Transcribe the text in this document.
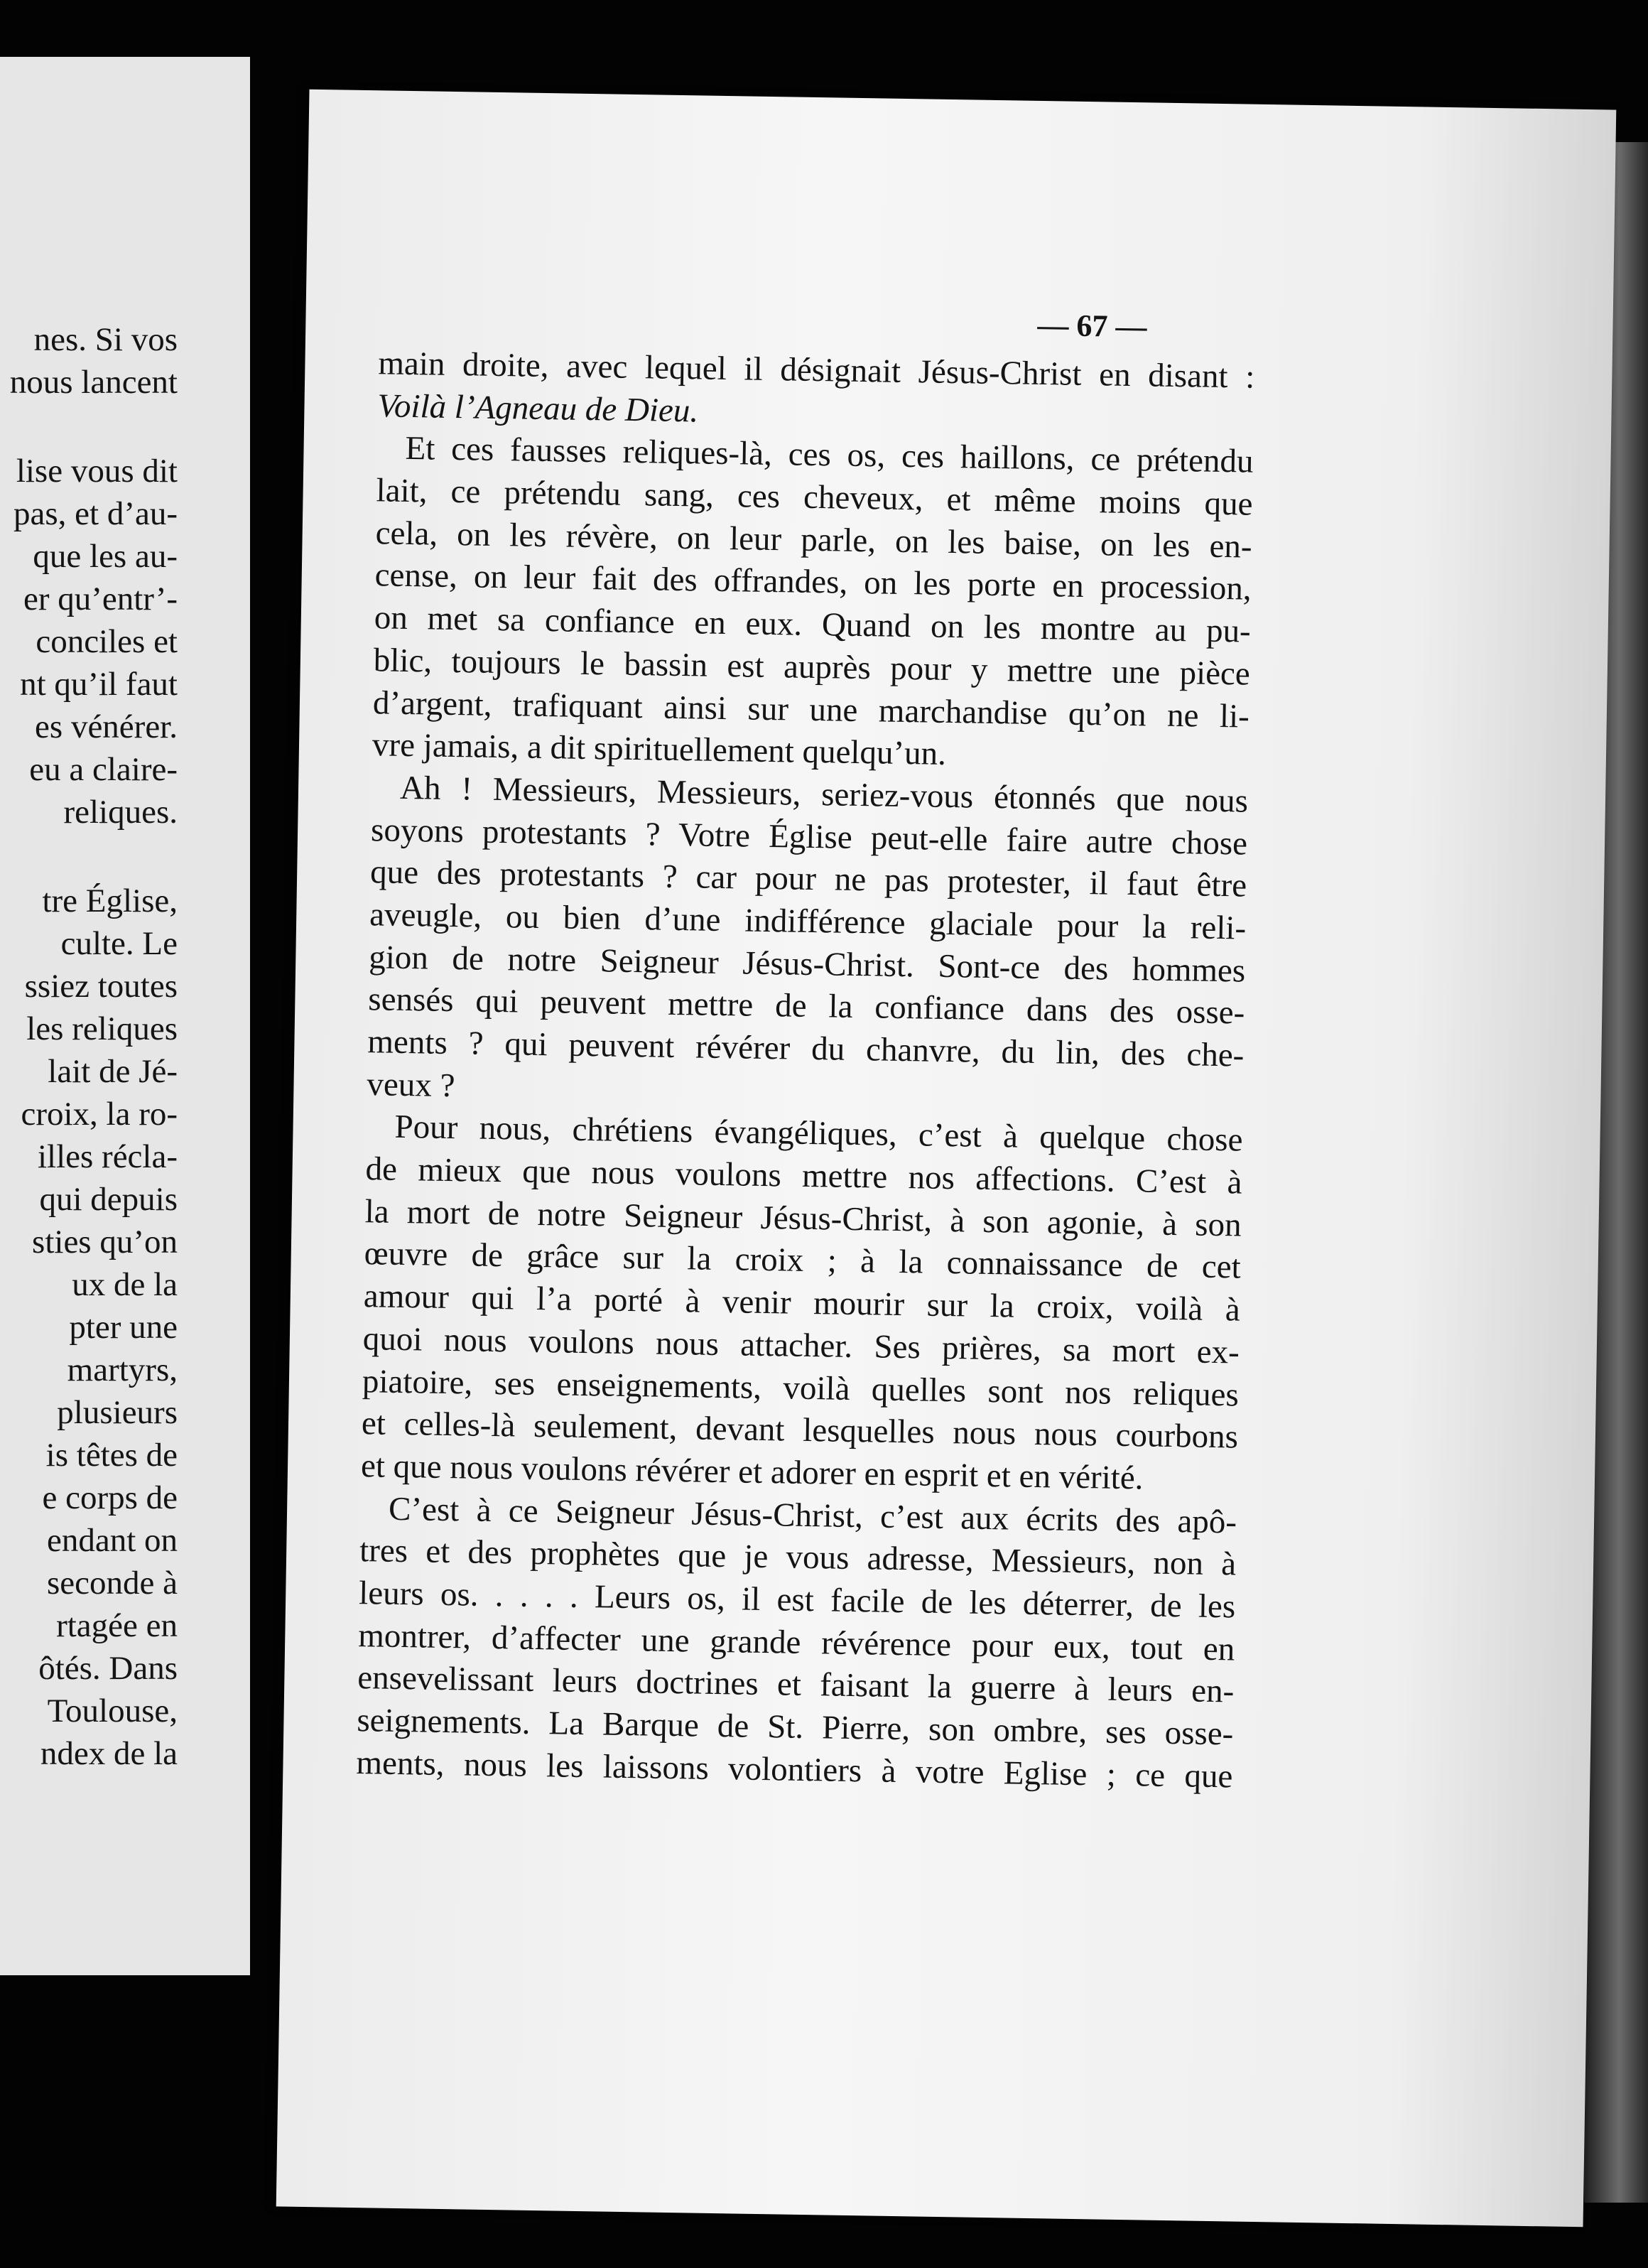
nes. Si vos
nous lancent
lise vous dit
pas, et d’au-
que les au-
er qu’entr’-
conciles et
nt qu’il faut
es vénérer.
eu a claire-
reliques.
tre Église,
culte. Le
ssiez toutes
les reliques
lait de Jé-
croix, la ro-
illes récla-
qui depuis
sties qu’on
ux de la
pter une
martyrs,
plusieurs
is têtes de
e corps de
endant on
seconde à
rtagée en
ôtés. Dans
Toulouse,
ndex de la
— 67 —
main droite, avec lequel il désignait Jésus-Christ en disant :
Voilà l’Agneau de Dieu.
Et ces fausses reliques-là, ces os, ces haillons, ce prétendu
lait, ce prétendu sang, ces cheveux, et même moins que
cela, on les révère, on leur parle, on les baise, on les en-
cense, on leur fait des offrandes, on les porte en procession,
on met sa confiance en eux. Quand on les montre au pu-
blic, toujours le bassin est auprès pour y mettre une pièce
d’argent, trafiquant ainsi sur une marchandise qu’on ne li-
vre jamais, a dit spirituellement quelqu’un.
Ah ! Messieurs, Messieurs, seriez-vous étonnés que nous
soyons protestants ? Votre Église peut-elle faire autre chose
que des protestants ? car pour ne pas protester, il faut être
aveugle, ou bien d’une indifférence glaciale pour la reli-
gion de notre Seigneur Jésus-Christ. Sont-ce des hommes
sensés qui peuvent mettre de la confiance dans des osse-
ments ? qui peuvent révérer du chanvre, du lin, des che-
veux ?
Pour nous, chrétiens évangéliques, c’est à quelque chose
de mieux que nous voulons mettre nos affections. C’est à
la mort de notre Seigneur Jésus-Christ, à son agonie, à son
œuvre de grâce sur la croix ; à la connaissance de cet
amour qui l’a porté à venir mourir sur la croix, voilà à
quoi nous voulons nous attacher. Ses prières, sa mort ex-
piatoire, ses enseignements, voilà quelles sont nos reliques
et celles-là seulement, devant lesquelles nous nous courbons
et que nous voulons révérer et adorer en esprit et en vérité.
C’est à ce Seigneur Jésus-Christ, c’est aux écrits des apô-
tres et des prophètes que je vous adresse, Messieurs, non à
leurs os. . . . . Leurs os, il est facile de les déterrer, de les
montrer, d’affecter une grande révérence pour eux, tout en
ensevelissant leurs doctrines et faisant la guerre à leurs en-
seignements. La Barque de St. Pierre, son ombre, ses osse-
ments, nous les laissons volontiers à votre Eglise ; ce que
